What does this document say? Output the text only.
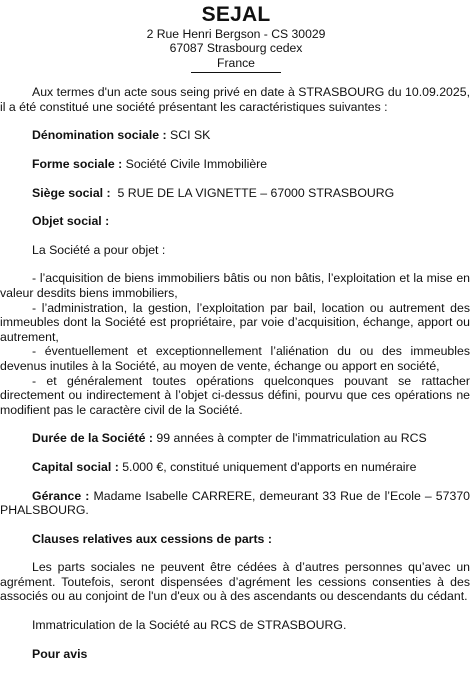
SEJAL
2 Rue Henri Bergson - CS 30029
67087 Strasbourg cedex
France

Aux termes d'un acte sous seing privé en date à STRASBOURG du 10.09.2025, il a été constitué une société présentant les caractéristiques suivantes :

Dénomination sociale : SCI SK

Forme sociale : Société Civile Immobilière

Siège social :  5 RUE DE LA VIGNETTE – 67000 STRASBOURG

Objet social :

La Société a pour objet :

- l’acquisition de biens immobiliers bâtis ou non bâtis, l’exploitation et la mise en valeur desdits biens immobiliers,

- l’administration, la gestion, l’exploitation par bail, location ou autrement des immeubles dont la Société est propriétaire, par voie d’acquisition, échange, apport ou autrement,

- éventuellement et exceptionnellement l’aliénation du ou des immeubles devenus inutiles à la Société, au moyen de vente, échange ou apport en société,

- et généralement toutes opérations quelconques pouvant se rattacher directement ou indirectement à l’objet ci-dessus défini, pourvu que ces opérations ne modifient pas le caractère civil de la Société.

Durée de la Société : 99 années à compter de l'immatriculation au RCS

Capital social : 5.000 €, constitué uniquement d'apports en numéraire

Gérance : Madame Isabelle CARRERE, demeurant 33 Rue de l’Ecole – 57370 PHALSBOURG.

Clauses relatives aux cessions de parts :

Les parts sociales ne peuvent être cédées à d’autres personnes qu’avec un agrément. Toutefois, seront dispensées d’agrément les cessions consenties à des associés ou au conjoint de l'un d'eux ou à des ascendants ou descendants du cédant.

Immatriculation de la Société au RCS de STRASBOURG.

Pour avis
